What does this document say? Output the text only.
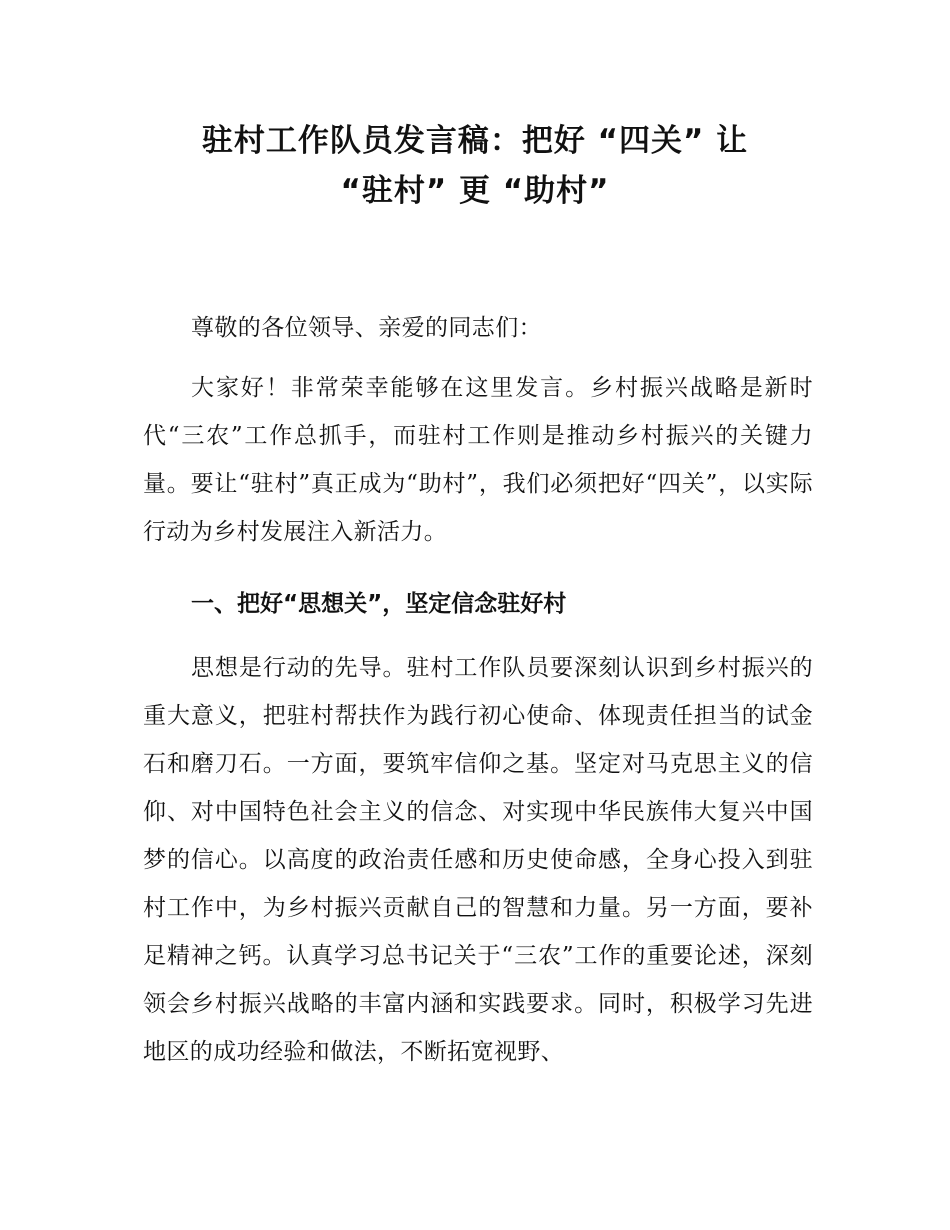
驻村工作队员发言稿：把好 “四关” 让
“驻村” 更 “助村”
尊敬的各位领导、亲爱的同志们：
大家好！非常荣幸能够在这里发言。乡村振兴战略是新时代“三农”工作总抓手，而驻村工作则是推动乡村振兴的关键力量。要让“驻村”真正成为“助村”，我们必须把好“四关”，以实际行动为乡村发展注入新活力。
一、把好“思想关”，坚定信念驻好村
思想是行动的先导。驻村工作队员要深刻认识到乡村振兴的重大意义，把驻村帮扶作为践行初心使命、体现责任担当的试金石和磨刀石。一方面，要筑牢信仰之基。坚定对马克思主义的信仰、对中国特色社会主义的信念、对实现中华民族伟大复兴中国梦的信心。以高度的政治责任感和历史使命感，全身心投入到驻村工作中，为乡村振兴贡献自己的智慧和力量。另一方面，要补足精神之钙。认真学习总书记关于“三农”工作的重要论述，深刻领会乡村振兴战略的丰富内涵和实践要求。同时，积极学习先进地区的成功经验和做法，不断拓宽视野、
